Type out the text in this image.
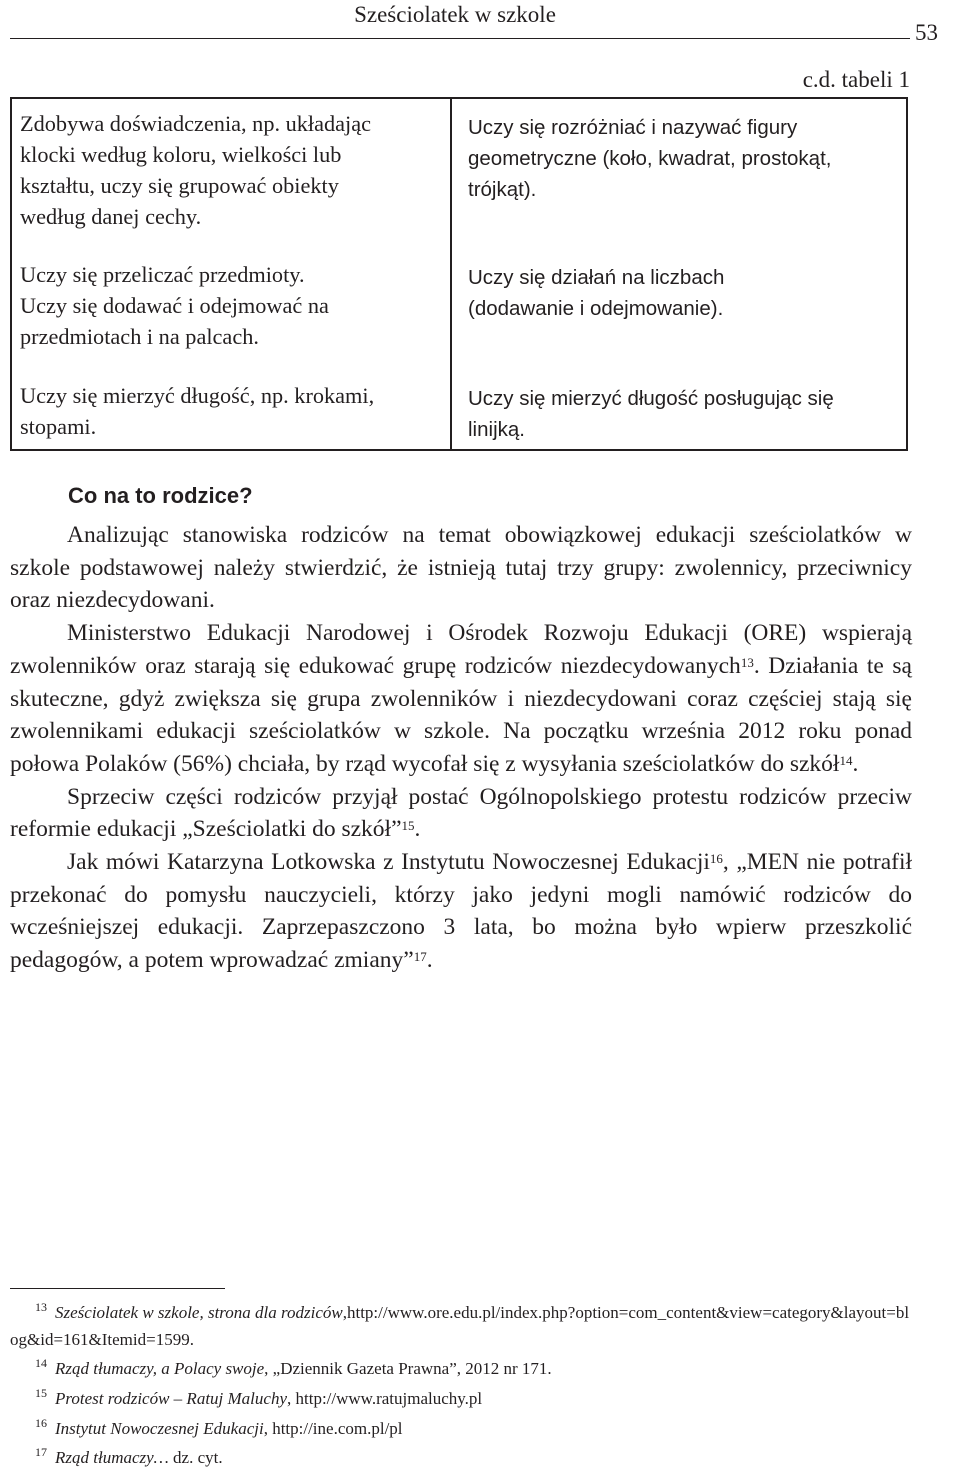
Sześciolatek w szkole
53
c.d. tabeli 1

Zdobywa doświadczenia, np. układając

klocki według koloru, wielkości lub

kształtu, uczy się grupować obiekty

według danej cechy.

Uczy się przeliczać przedmioty.

Uczy się dodawać i odejmować na

przedmiotach i na palcach.

Uczy się mierzyć długość, np. krokami,

stopami.

Uczy się rozróżniać i nazywać figury

geometryczne (koło, kwadrat, prostokąt,

trójkąt).

Uczy się działań na liczbach

(dodawanie i odejmowanie).

Uczy się mierzyć długość posługując się

linijką.

Co na to rodzice?

Analizując stanowiska rodziców na temat obowiązkowej edukacji sześciolatków w szkole podstawowej należy stwierdzić, że istnieją tutaj trzy grupy: zwolennicy, przeciwnicy oraz niezdecydowani.

Ministerstwo Edukacji Narodowej i Ośrodek Rozwoju Edukacji (ORE) wspierają zwolenników oraz starają się edukować grupę rodziców niezdecydowanych$^{13}$. Działania te są skuteczne, gdyż zwiększa się grupa zwolenników i niezdecydowani coraz częściej stają się zwolennikami edukacji sześciolatków w szkole. Na początku września 2012 roku ponad połowa Polaków (56%) chciała, by rząd wycofał się z wysyłania sześciolatków do szkół$^{14}$.

Sprzeciw części rodziców przyjął postać Ogólnopolskiego protestu rodziców przeciw reformie edukacji „Sześciolatki do szkół”$^{15}$.

Jak mówi Katarzyna Lotkowska z Instytutu Nowoczesnej Edukacji$^{16}$, „MEN nie potrafił przekonać do pomysłu nauczycieli, którzy jako jedyni mogli namówić rodziców do wcześniejszej edukacji. Zaprzepaszczono 3 lata, bo można było wpierw przeszkolić pedagogów, a potem wprowadzać zmiany”$^{17}$.

$^{13}$ Sześciolatek w szkole, strona dla rodziców,http://www.ore.edu.pl/index.php?option=com_content&view=category&layout=blog&id=161&Itemid=1599.
$^{14}$ Rząd tłumaczy, a Polacy swoje, „Dziennik Gazeta Prawna”, 2012 nr 171.
$^{15}$ Protest rodziców – Ratuj Maluchy, http://www.ratujmaluchy.pl
$^{16}$ Instytut Nowoczesnej Edukacji, http://ine.com.pl/pl
$^{17}$ Rząd tłumaczy… dz. cyt.
